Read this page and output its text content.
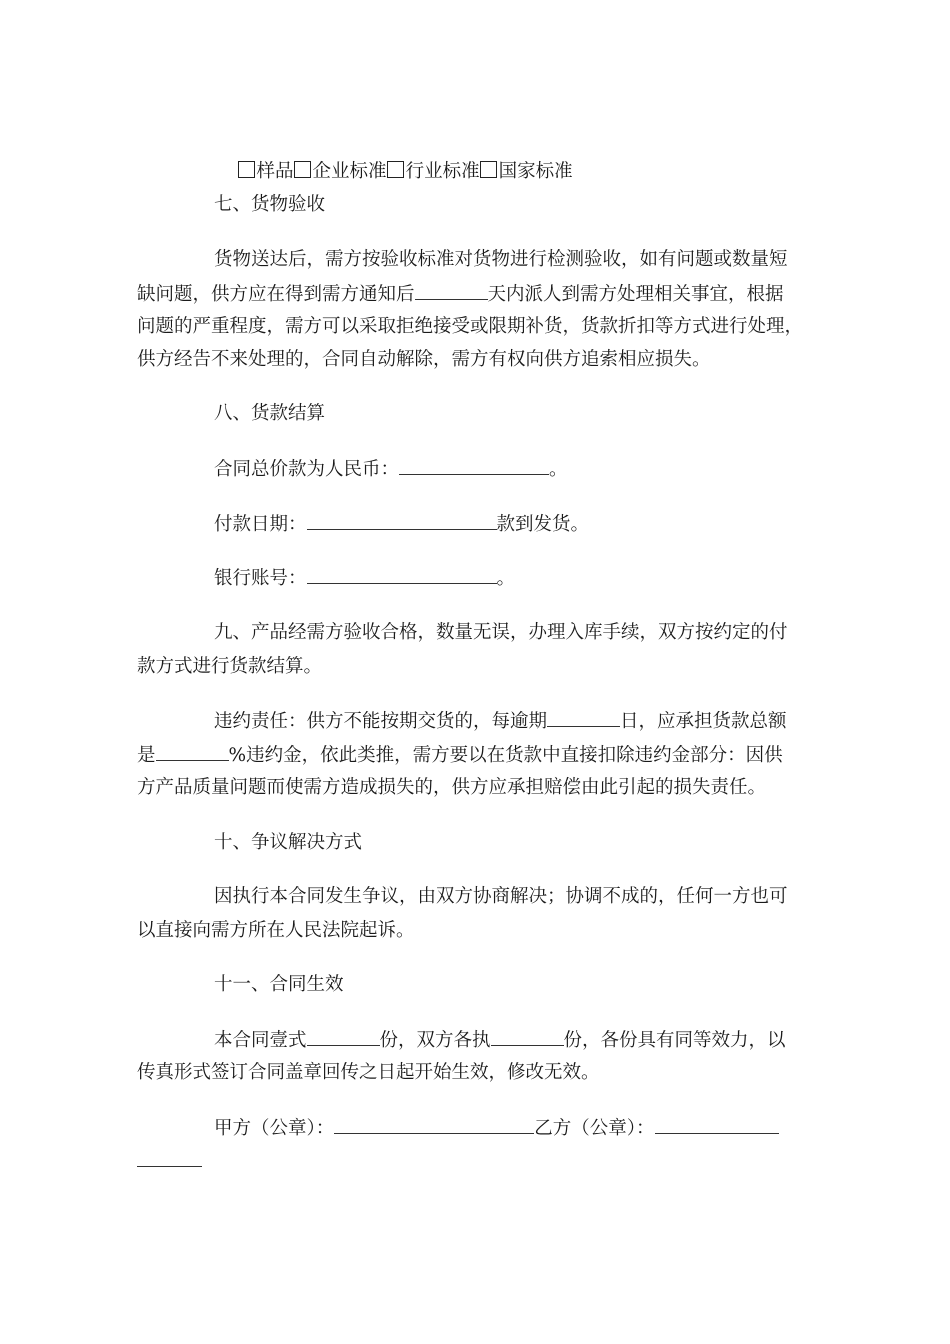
样品 企业标准 行业标准 国家标准

七、货物验收
货物送达后，需方按验收标准对货物进行检测验收，如有问题或数量短
缺问题，供方应在得到需方通知后	天内派人到需方处理相关事宜，根据
问题的严重程度，需方可以采取拒绝接受或限期补货，货款折扣等方式进行处理，
供方经告不来处理的，合同自动解除，需方有权向供方追索相应损失。
八、货款结算
合同总价款为人民币：	。
付款日期：	款到发货。
银行账号：	。
九、产品经需方验收合格，数量无误，办理入库手续，双方按约定的付
款方式进行货款结算。
违约责任：供方不能按期交货的，每逾期	日，应承担货款总额
是	%违约金，依此类推，需方要以在货款中直接扣除违约金部分：因供
方产品质量问题而使需方造成损失的，供方应承担赔偿由此引起的损失责任。
十、争议解决方式
因执行本合同发生争议，由双方协商解决；协调不成的，任何一方也可
以直接向需方所在人民法院起诉。
十一、合同生效
本合同壹式	份，双方各执	份，各份具有同等效力，以
传真形式签订合同盖章回传之日起开始生效，修改无效。
甲方（公章）：	乙方（公章）：
